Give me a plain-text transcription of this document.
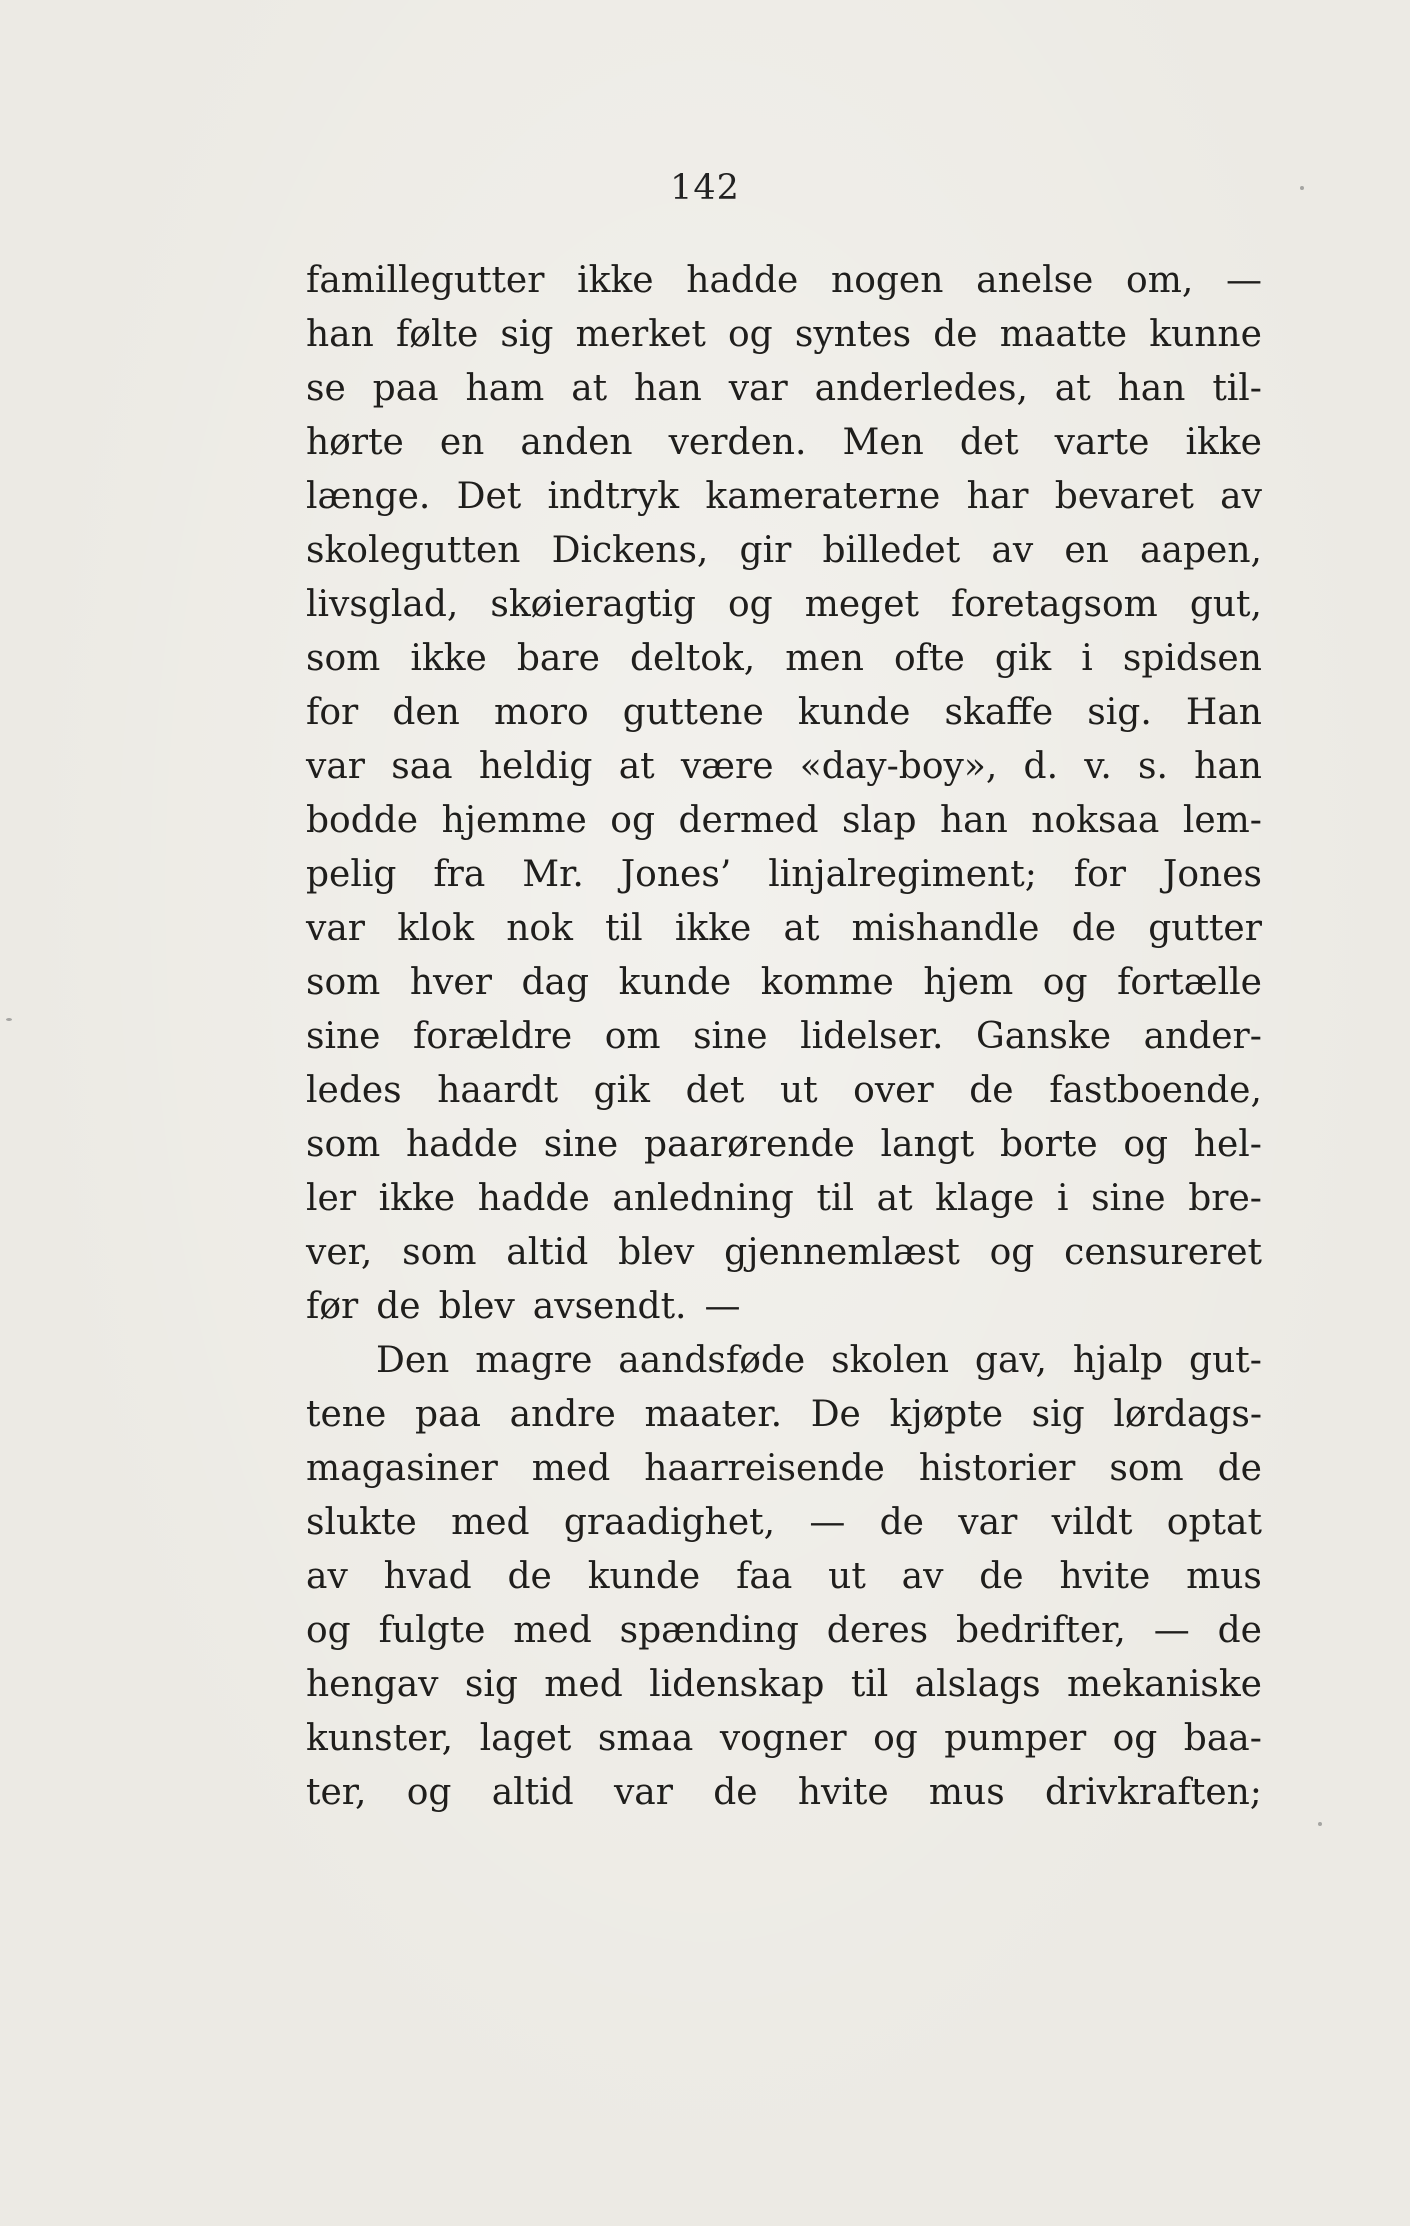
142
famillegutter ikke hadde nogen anelse om, —
han følte sig merket og syntes de maatte kunne
se paa ham at han var anderledes, at han til-
hørte en anden verden. Men det varte ikke
længe. Det indtryk kameraterne har bevaret av
skolegutten Dickens, gir billedet av en aapen,
livsglad, skøieragtig og meget foretagsom gut,
som ikke bare deltok, men ofte gik i spidsen
for den moro guttene kunde skaffe sig. Han
var saa heldig at være «day-boy», d. v. s. han
bodde hjemme og dermed slap han noksaa lem-
pelig fra Mr. Jones’ linjalregiment; for Jones
var klok nok til ikke at mishandle de gutter
som hver dag kunde komme hjem og fortælle
sine forældre om sine lidelser. Ganske ander-
ledes haardt gik det ut over de fastboende,
som hadde sine paarørende langt borte og hel-
ler ikke hadde anledning til at klage i sine bre-
ver, som altid blev gjennemlæst og censureret
før de blev avsendt. —
Den magre aandsføde skolen gav, hjalp gut-
tene paa andre maater. De kjøpte sig lørdags-
magasiner med haarreisende historier som de
slukte med graadighet, — de var vildt optat
av hvad de kunde faa ut av de hvite mus
og fulgte med spænding deres bedrifter, — de
hengav sig med lidenskap til alslags mekaniske
kunster, laget smaa vogner og pumper og baa-
ter, og altid var de hvite mus drivkraften;
